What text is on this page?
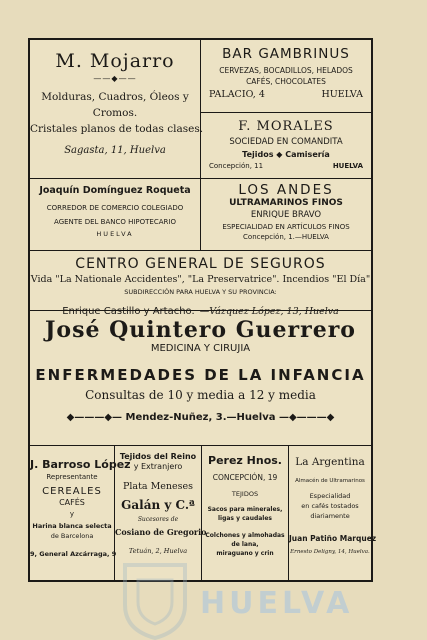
M. Mojarro
——◆——
Molduras, Cuadros, Óleos y
Cromos.
Cristales planos de todas clases.
Sagasta, 11, Huelva
BAR GAMBRINUS
CERVEZAS, BOCADILLOS, HELADOS
CAFÉS, CHOCOLATES
PALACIO, 4	HUELVA
F. MORALES
SOCIEDAD EN COMANDITA
Tejidos ◆ Camisería
Concepción, 11	HUELVA
Joaquín Domínguez Roqueta
CORREDOR DE COMERCIO COLEGIADO
AGENTE DEL BANCO HIPOTECARIO
HUELVA
LOS ANDES
ULTRAMARINOS FINOS
ENRIQUE BRAVO
ESPECIALIDAD EN ARTÍCULOS FINOS
Concepción, 1.—HUELVA
CENTRO GENERAL DE SEGUROS
Vida "La Nationale Accidentes", "La Preservatrice". Incendios "El Día"
SUBDIRECCIÓN PARA HUELVA Y SU PROVINCIA:
Enrique Castillo y Artacho. —Vázquez López, 13, Huelva
José Quintero Guerrero
MEDICINA Y CIRUJIA
ENFERMEDADES DE LA INFANCIA
Consultas de 10 y media a 12 y media
◆———◆— Mendez-Nuñez, 3.—Huelva —◆———◆
J. Barroso López
Representante
CEREALES
CAFÉS
y
Harina blanca selecta
de Barcelona
9, General Azcárraga, 9
Tejidos del Reino
y Extranjero
Plata Meneses
Galán y C.ª
Sucesores de
Cosiano de Gregorio
Tetuán, 2, Huelva
Perez Hnos.
CONCEPCIÓN, 19
TEJIDOS
Sacos para minerales,
ligas y caudales
Colchones y almohadas
de lana,
miraguano y crin
La Argentina
Almacén de Ultramarinos
Especialidad
en cafés tostados
diariamente
Juan Patiño Marquez
Ernesto Deligny, 14, Huelva.
HUELVA
